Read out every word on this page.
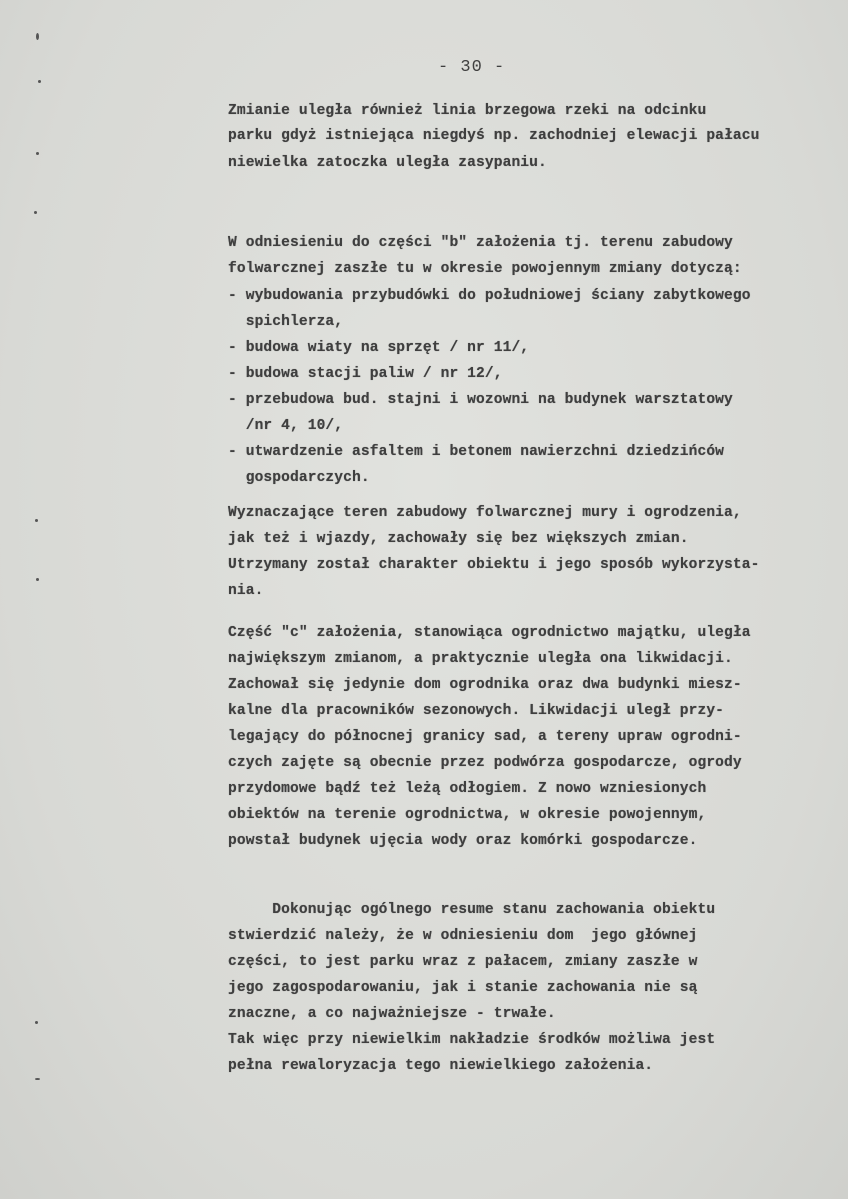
- 30 -
Zmianie uległa również linia brzegowa rzeki na odcinku
parku gdyż istniejąca niegdyś np. zachodniej elewacji pałacu
niewielka zatoczka uległa zasypaniu.
W odniesieniu do części "b" założenia tj. terenu zabudowy
folwarcznej zaszłe tu w okresie powojennym zmiany dotyczą:
- wybudowania przybudówki do południowej ściany zabytkowego
spichlerza,
- budowa wiaty na sprzęt / nr 11/,
- budowa stacji paliw / nr 12/,
- przebudowa bud. stajni i wozowni na budynek warsztatowy
/nr 4, 10/,
- utwardzenie asfaltem i betonem nawierzchni dziedzińców
gospodarczych.
Wyznaczające teren zabudowy folwarcznej mury i ogrodzenia,
jak też i wjazdy, zachowały się bez większych zmian.
Utrzymany został charakter obiektu i jego sposób wykorzysta-
nia.
Część "c" założenia, stanowiąca ogrodnictwo majątku, uległa
największym zmianom, a praktycznie uległa ona likwidacji.
Zachował się jedynie dom ogrodnika oraz dwa budynki miesz-
kalne dla pracowników sezonowych. Likwidacji uległ przy-
legający do północnej granicy sad, a tereny upraw ogrodni-
czych zajęte są obecnie przez podwórza gospodarcze, ogrody
przydomowe bądź też leżą odłogiem. Z nowo wzniesionych
obiektów na terenie ogrodnictwa, w okresie powojennym,
powstał budynek ujęcia wody oraz komórki gospodarcze.
Dokonując ogólnego resume stanu zachowania obiektu
stwierdzić należy, że w odniesieniu dom  jego głównej
części, to jest parku wraz z pałacem, zmiany zaszłe w
jego zagospodarowaniu, jak i stanie zachowania nie są
znaczne, a co najważniejsze - trwałe.
Tak więc przy niewielkim nakładzie środków możliwa jest
pełna rewaloryzacja tego niewielkiego założenia.
